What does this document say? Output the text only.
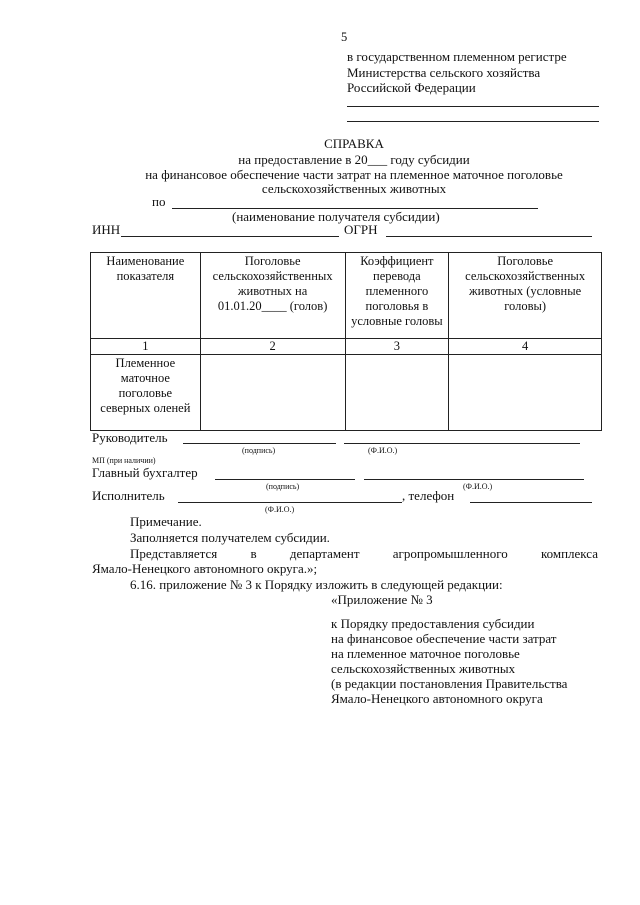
5
в государственном племенном регистре
Министерства сельского хозяйства
Российской Федерации
СПРАВКА
на предоставление в 20___ году субсидии
на финансовое обеспечение части затрат на племенное маточное поголовье
сельскохозяйственных животных
по
(наименование получателя субсидии)
ИНН	ОГРН
Наименование показателя	Поголовье сельскохозяйственных животных на 01.01.20____ (голов)	Коэффициент перевода племенного поголовья в условные головы	Поголовье сельскохозяйственных животных (условные головы)
1	2	3	4
Племенное маточное поголовье северных оленей			
Руководитель
(подпись)	(Ф.И.О.)
МП (при наличии)
Главный бухгалтер
(подпись)	(Ф.И.О.)
Исполнитель	, телефон
(Ф.И.О.)
Примечание.
Заполняется получателем субсидии.
Представляется в департамент агропромышленного комплекса
Ямало-Ненецкого автономного округа.»;
6.16. приложение № 3 к Порядку изложить в следующей редакции:
«Приложение № 3
к Порядку предоставления субсидии
на финансовое обеспечение части затрат
на племенное маточное поголовье
сельскохозяйственных животных
(в редакции постановления Правительства
Ямало-Ненецкого автономного округа
